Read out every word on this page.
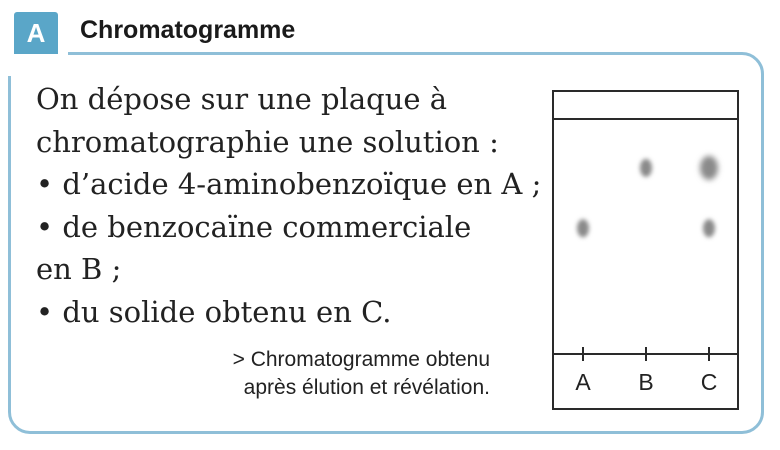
A	Chromatogramme
On dépose sur une plaque à
chromatographie une solution :
• d’acide 4-aminobenzoïque en A ;
• de benzocaïne commerciale
en B ;
• du solide obtenu en C.
> Chromatogramme obtenu
après élution et révélation.	A B C
